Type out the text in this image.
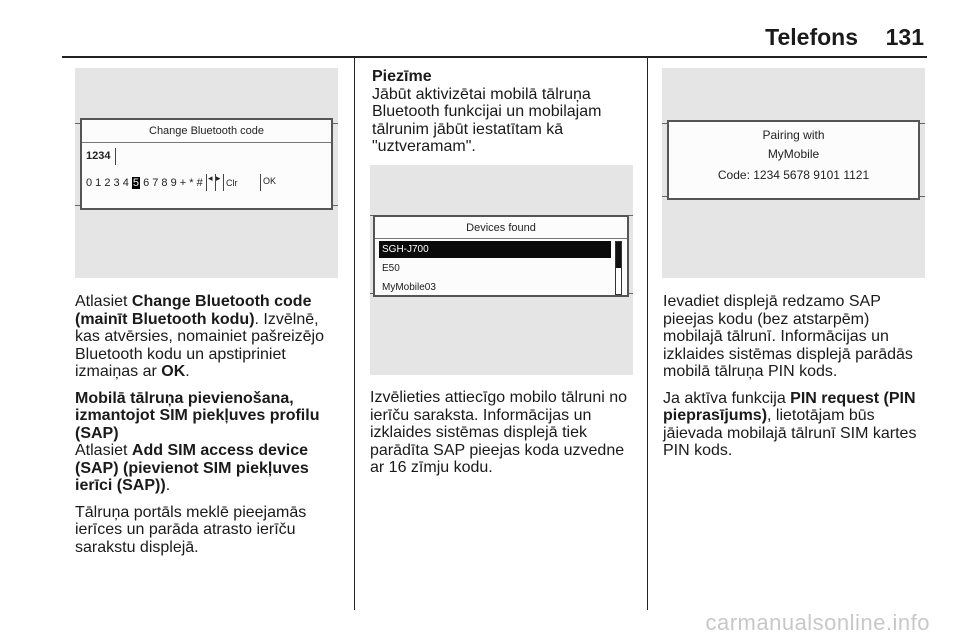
Telefons 131
Change Bluetooth code
1234
0 1 2 3 4 5 6 7 8 9 + * # ◂ ▸ Clr	OK

Atlasiet Change Bluetooth code (mainīt Bluetooth kodu). Izvēlnē, kas atvērsies, nomainiet pašreizējo Bluetooth kodu un apstipriniet izmaiņas ar OK.

Mobilā tālruņa pievienošana, izmantojot SIM piekļuves profilu (SAP)

Atlasiet Add SIM access device (SAP) (pievienot SIM piekļuves ierīci (SAP)).

Tālruņa portāls meklē pieejamās ierīces un parāda atrasto ierīču sarakstu displejā.

Piezīme

Jābūt aktivizētai mobilā tālruņa Bluetooth funkcijai un mobilajam tālrunim jābūt iestatītam kā "uztveramam".

Devices found
SGH-J700
E50
MyMobile03

Izvēlieties attiecīgo mobilo tālruni no ierīču saraksta. Informācijas un izklaides sistēmas displejā tiek parādīta SAP pieejas koda uzvedne ar 16 zīmju kodu.

Pairing with
MyMobile
Code: 1234 5678 9101 1121

Ievadiet displejā redzamo SAP pieejas kodu (bez atstarpēm) mobilajā tālrunī. Informācijas un izklaides sistēmas displejā parādās mobilā tālruņa PIN kods.

Ja aktīva funkcija PIN request (PIN pieprasījums), lietotājam būs jāievada mobilajā tālrunī SIM kartes PIN kods.

carmanualsonline.info
